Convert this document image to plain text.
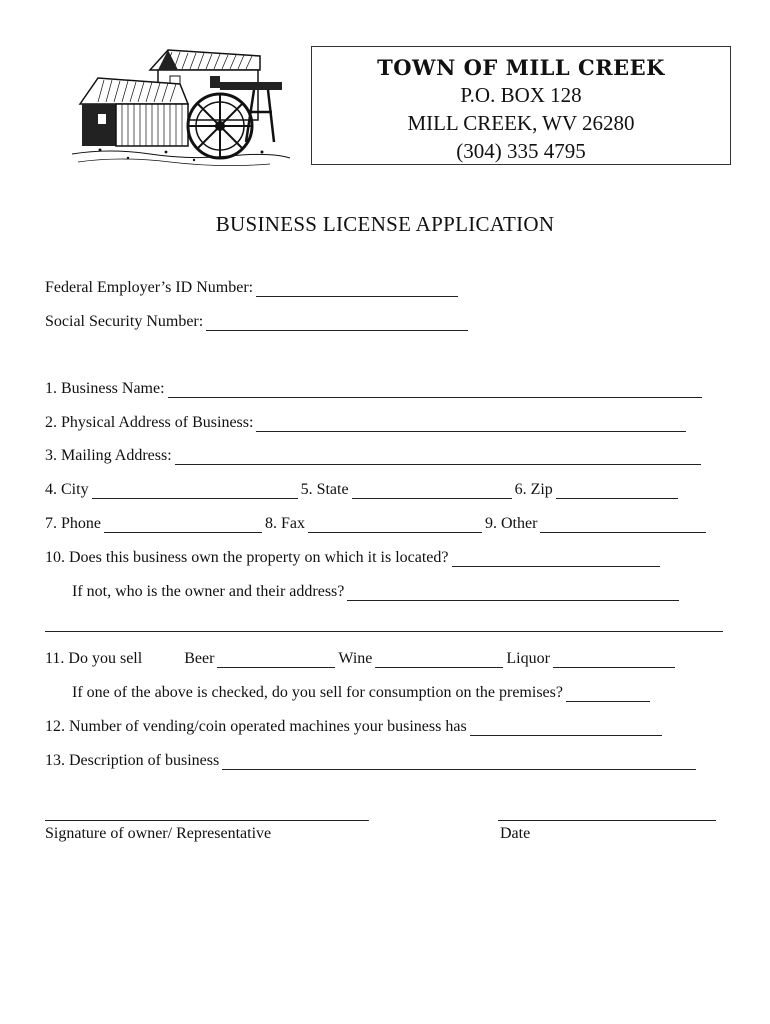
TOWN OF MILL CREEK
P.O. BOX 128
MILL CREEK, WV 26280
(304) 335 4795
BUSINESS LICENSE APPLICATION
Federal Employer’s ID Number:
Social Security Number:
1. Business Name:
2. Physical Address of Business:
3. Mailing Address:
4. City	5. State	6. Zip
7. Phone	8. Fax	9. Other
10. Does this business own the property on which it is located?
If not, who is the owner and their address?
11. Do you sell	Beer	Wine	Liquor
If one of the above is checked, do you sell for consumption on the premises?
12. Number of vending/coin operated machines your business has
13. Description of business
Signature of owner/ Representative	Date
